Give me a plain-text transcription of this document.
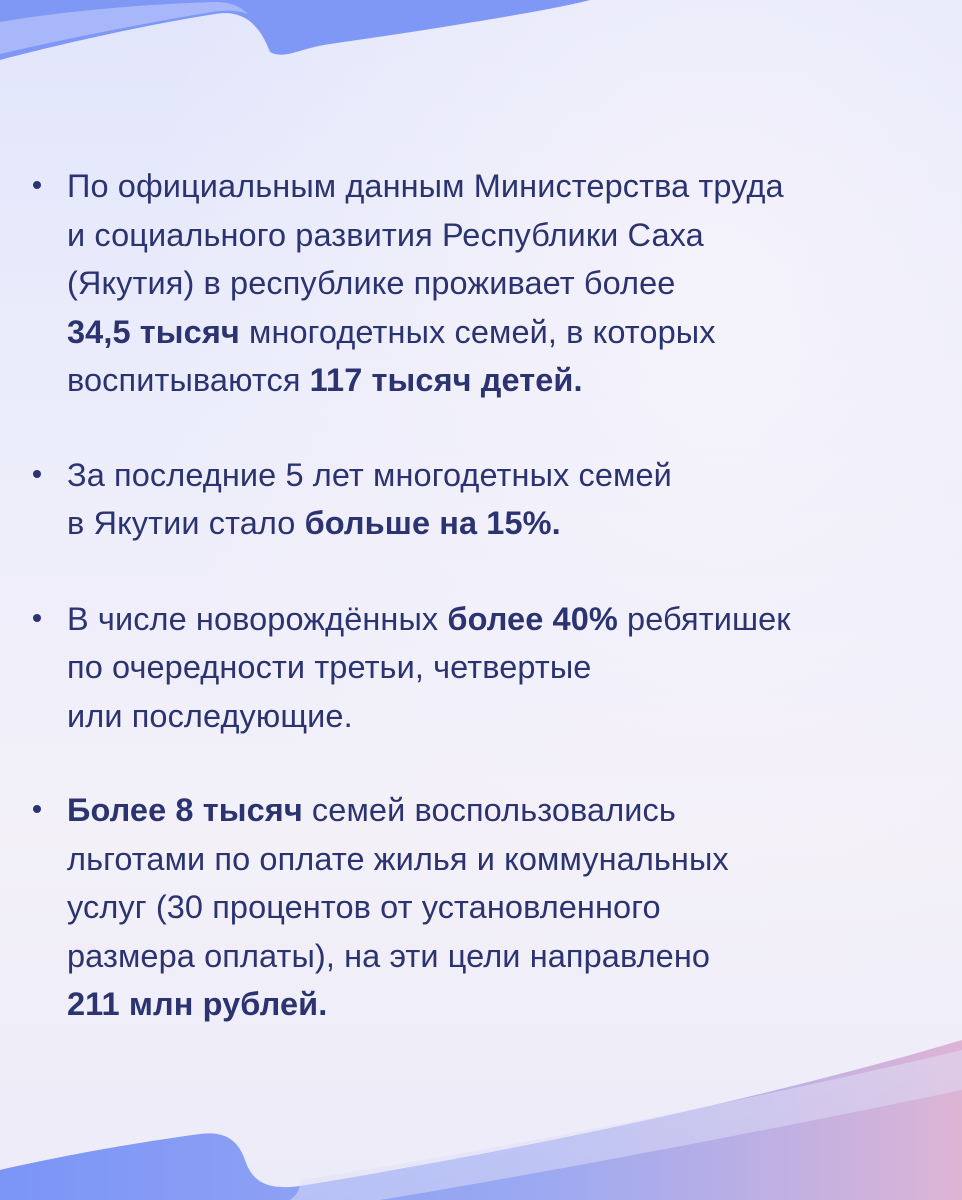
По официальным данным Министерства труда
и социального развития Республики Саха
(Якутия) в республике проживает более
34,5 тысяч многодетных семей, в которых
воспитываются 117 тысяч детей.
За последние 5 лет многодетных семей
в Якутии стало больше на 15%.
В числе новорождённых более 40% ребятишек
по очередности третьи, четвертые
или последующие.
Более 8 тысяч семей воспользовались
льготами по оплате жилья и коммунальных
услуг (30 процентов от установленного
размера оплаты), на эти цели направлено
211 млн рублей.
